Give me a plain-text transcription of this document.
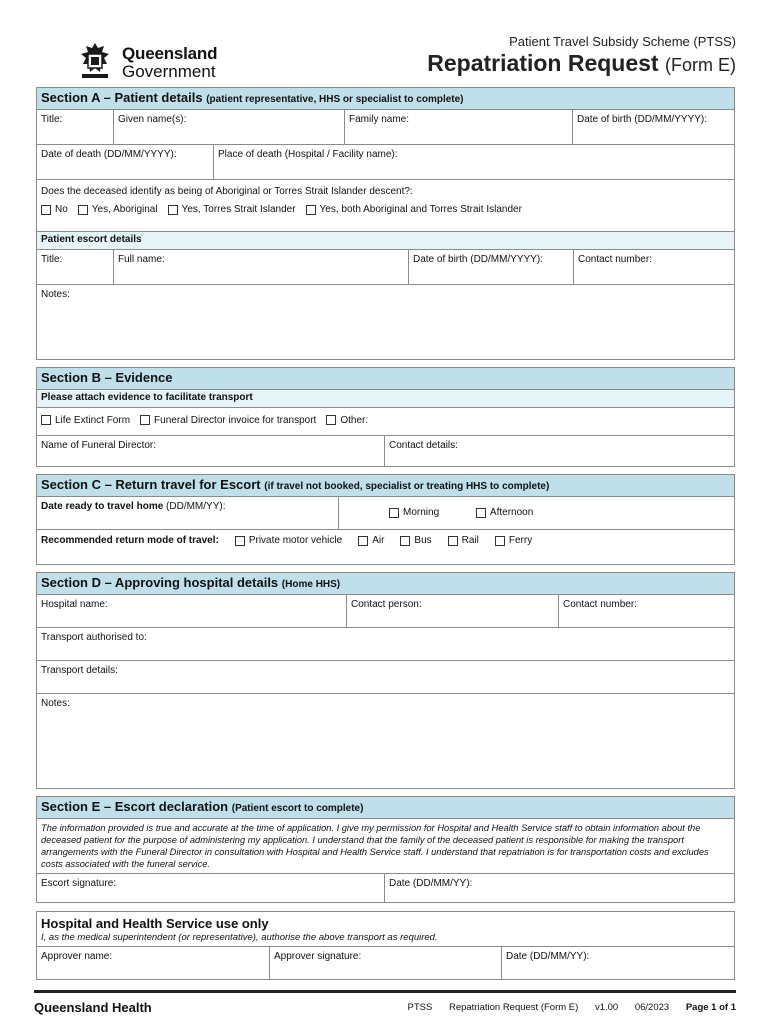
Queensland
Government
Patient Travel Subsidy Scheme (PTSS)
Repatriation Request (Form E)
Section A – Patient details (patient representative, HHS or specialist to complete)
Title:	Given name(s):	Family name:	Date of birth (DD/MM/YYYY):
Date of death (DD/MM/YYYY):	Place of death (Hospital / Facility name):
Does the deceased identify as being of Aboriginal or Torres Strait Islander descent?:
No Yes, Aboriginal Yes, Torres Strait Islander Yes, both Aboriginal and Torres Strait Islander
Patient escort details
Title:	Full name:	Date of birth (DD/MM/YYYY):	Contact number:
Notes:
Section B – Evidence
Please attach evidence to facilitate transport
Life Extinct Form Funeral Director invoice for transport Other:
Name of Funeral Director:	Contact details:
Section C – Return travel for Escort (if travel not booked, specialist or treating HHS to complete)
Date ready to travel home (DD/MM/YY):
Morning
	Afternoon
Recommended return mode of travel:	Private motor vehicle	Air	Bus	Rail	Ferry
Section D – Approving hospital details (Home HHS)
Hospital name:	Contact person:	Contact number:
Transport authorised to:
Transport details:
Notes:
Section E – Escort declaration (Patient escort to complete)
The information provided is true and accurate at the time of application. I give my permission for Hospital and Health Service staff to obtain information about the deceased patient for the purpose of administering my application. I understand that the family of the deceased patient is responsible for making the transport arrangements with the Funeral Director in consultation with Hospital and Health Service staff. I understand that repatriation is for transportation costs and excludes costs associated with the funeral service.
Escort signature:	Date (DD/MM/YY):
Hospital and Health Service use only
I, as the medical superintendent (or representative), authorise the above transport as required.
Approver name:	Approver signature:	Date (DD/MM/YY):
Queensland Health	PTSS Repatriation Request (Form E) v1.00 06/2023 Page 1 of 1
